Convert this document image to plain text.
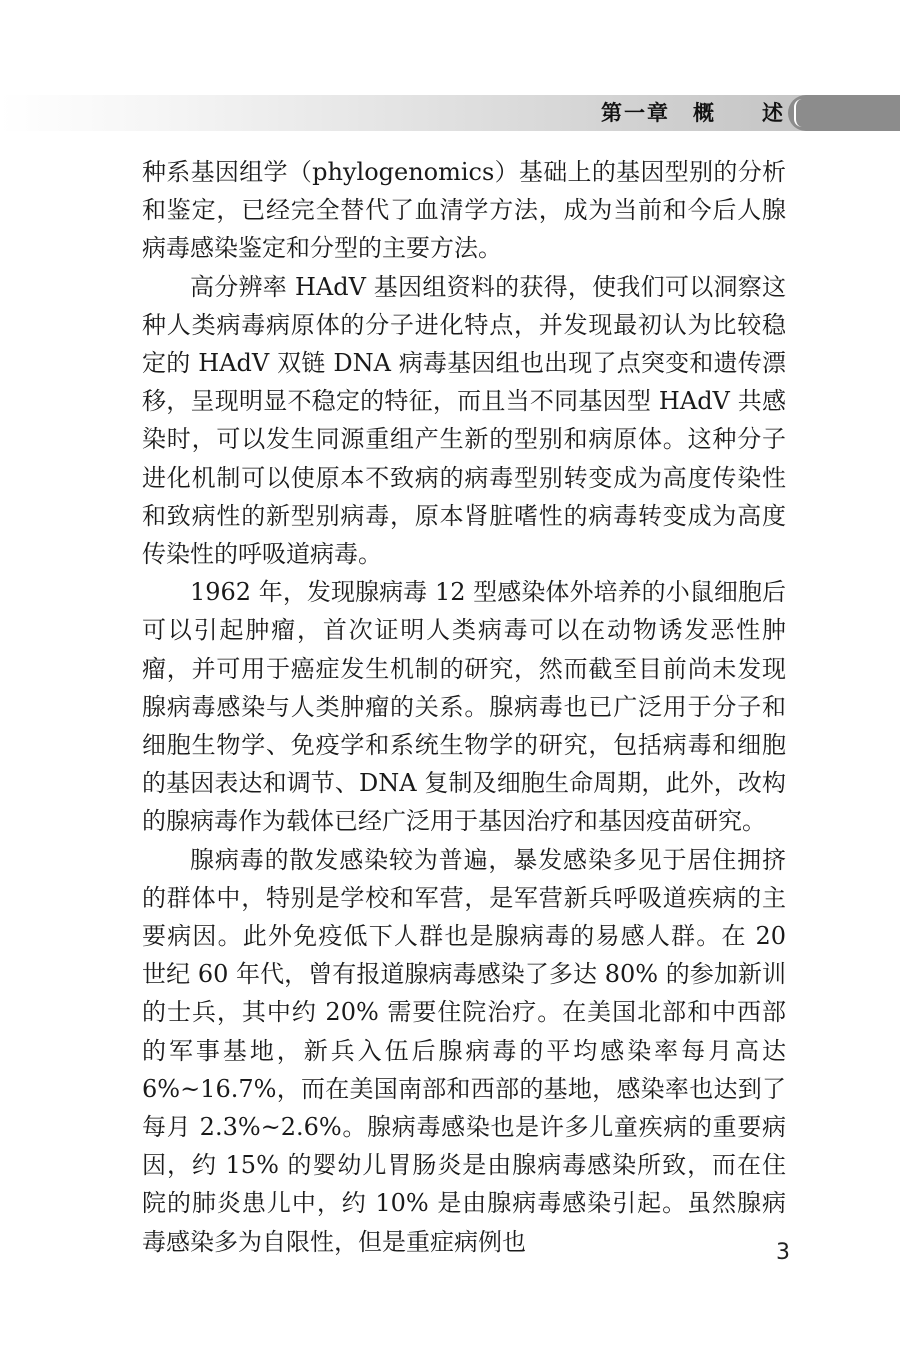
第一章　概　　述

种系基因组学（phylogenomics）基础上的基因型别的分析和鉴定，已经完全替代了血清学方法，成为当前和今后人腺病毒感染鉴定和分型的主要方法。

高分辨率 HAdV 基因组资料的获得，使我们可以洞察这种人类病毒病原体的分子进化特点，并发现最初认为比较稳定的 HAdV 双链 DNA 病毒基因组也出现了点突变和遗传漂移，呈现明显不稳定的特征，而且当不同基因型 HAdV 共感染时，可以发生同源重组产生新的型别和病原体。这种分子进化机制可以使原本不致病的病毒型别转变成为高度传染性和致病性的新型别病毒，原本肾脏嗜性的病毒转变成为高度传染性的呼吸道病毒。

1962 年，发现腺病毒 12 型感染体外培养的小鼠细胞后可以引起肿瘤，首次证明人类病毒可以在动物诱发恶性肿瘤，并可用于癌症发生机制的研究，然而截至目前尚未发现腺病毒感染与人类肿瘤的关系。腺病毒也已广泛用于分子和细胞生物学、免疫学和系统生物学的研究，包括病毒和细胞的基因表达和调节、DNA 复制及细胞生命周期，此外，改构的腺病毒作为载体已经广泛用于基因治疗和基因疫苗研究。

腺病毒的散发感染较为普遍，暴发感染多见于居住拥挤的群体中，特别是学校和军营，是军营新兵呼吸道疾病的主要病因。此外免疫低下人群也是腺病毒的易感人群。在 20 世纪 60 年代，曾有报道腺病毒感染了多达 80% 的参加新训的士兵，其中约 20% 需要住院治疗。在美国北部和中西部的军事基地，新兵入伍后腺病毒的平均感染率每月高达 6%~16.7%，而在美国南部和西部的基地，感染率也达到了每月 2.3%~2.6%。腺病毒感染也是许多儿童疾病的重要病因，约 15% 的婴幼儿胃肠炎是由腺病毒感染所致，而在住院的肺炎患儿中，约 10% 是由腺病毒感染引起。虽然腺病毒感染多为自限性，但是重症病例也	3
